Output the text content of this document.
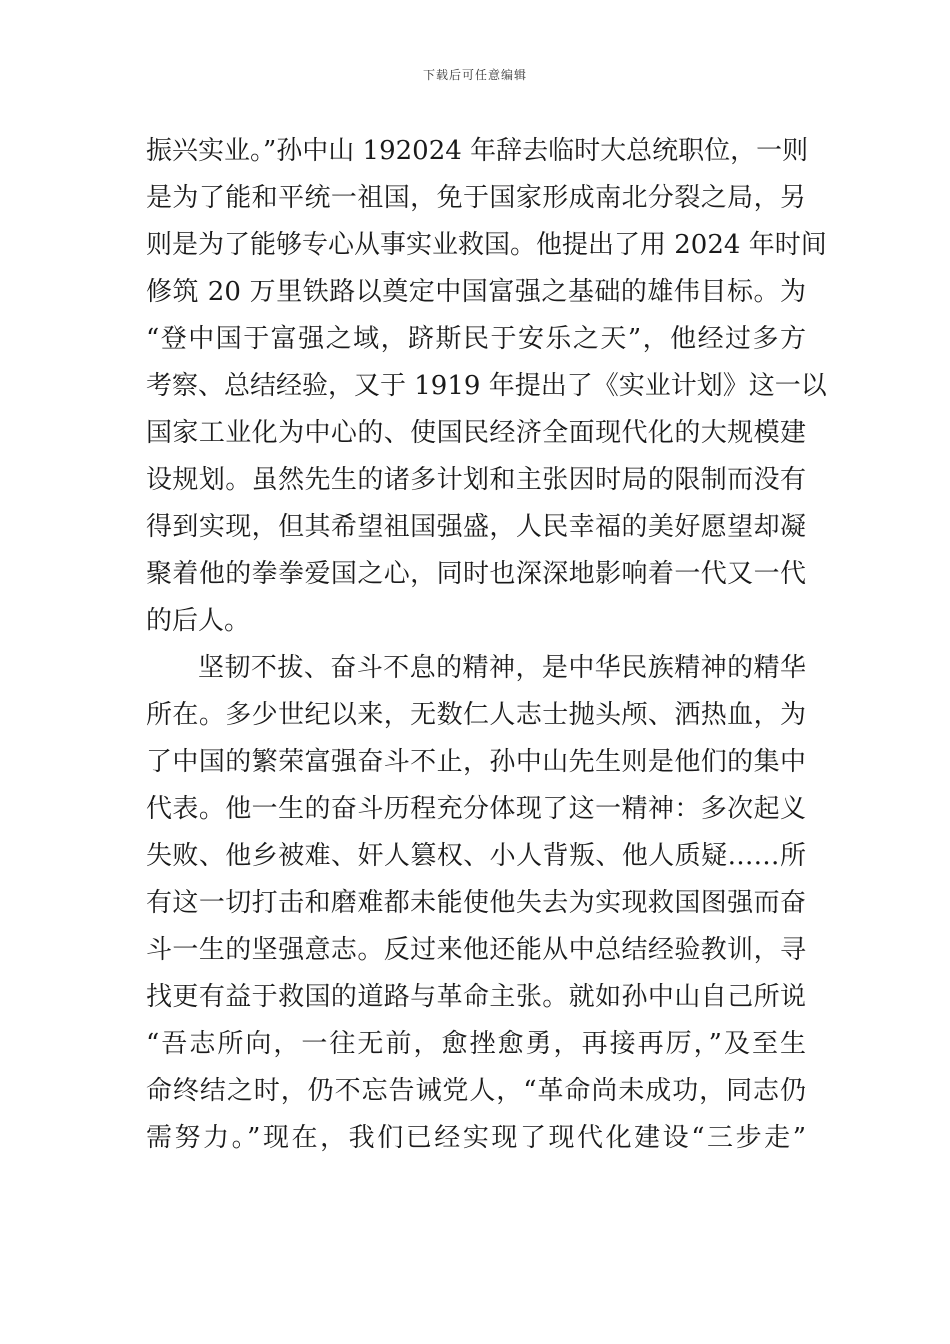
下载后可任意编辑
振兴实业。”孙中山 192024 年辞去临时大总统职位，一则
是为了能和平统一祖国，免于国家形成南北分裂之局，另
则是为了能够专心从事实业救国。他提出了用 2024 年时间
修筑 20 万里铁路以奠定中国富强之基础的雄伟目标。为
“登中国于富强之域，跻斯民于安乐之天”，他经过多方
考察、总结经验，又于 1919 年提出了《实业计划》这一以
国家工业化为中心的、使国民经济全面现代化的大规模建
设规划。虽然先生的诸多计划和主张因时局的限制而没有
得到实现，但其希望祖国强盛，人民幸福的美好愿望却凝
聚着他的拳拳爱国之心，同时也深深地影响着一代又一代
的后人。
坚韧不拔、奋斗不息的精神，是中华民族精神的精华
所在。多少世纪以来，无数仁人志士抛头颅、洒热血，为
了中国的繁荣富强奋斗不止，孙中山先生则是他们的集中
代表。他一生的奋斗历程充分体现了这一精神：多次起义
失败、他乡被难、奸人篡权、小人背叛、他人质疑……所
有这一切打击和磨难都未能使他失去为实现救国图强而奋
斗一生的坚强意志。反过来他还能从中总结经验教训，寻
找更有益于救国的道路与革命主张。就如孙中山自己所说
“吾志所向，一往无前，愈挫愈勇，再接再厉，”及至生
命终结之时，仍不忘告诫党人，“革命尚未成功，同志仍
需努力。”现在，我们已经实现了现代化建设“三步走”
